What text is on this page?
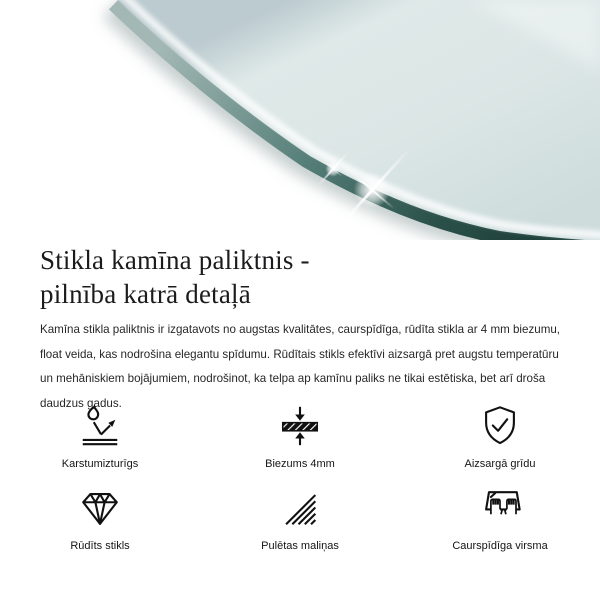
Stikla kamīna paliktnis -
pilnība katrā detaļā

Kamīna stikla paliktnis ir izgatavots no augstas kvalitātes, caurspīdīga, rūdīta stikla ar 4 mm biezumu, float veida, kas nodrošina elegantu spīdumu. Rūdītais stikls efektīvi aizsargā pret augstu temperatūru un mehāniskiem bojājumiem, nodrošinot, ka telpa ap kamīnu paliks ne tikai estētiska, bet arī droša daudzus gadus.

Karstumizturīgs	Biezums 4mm	Aizsargā grīdu
Rūdīts stikls	Pulētas maliņas	Caurspīdīga virsma
